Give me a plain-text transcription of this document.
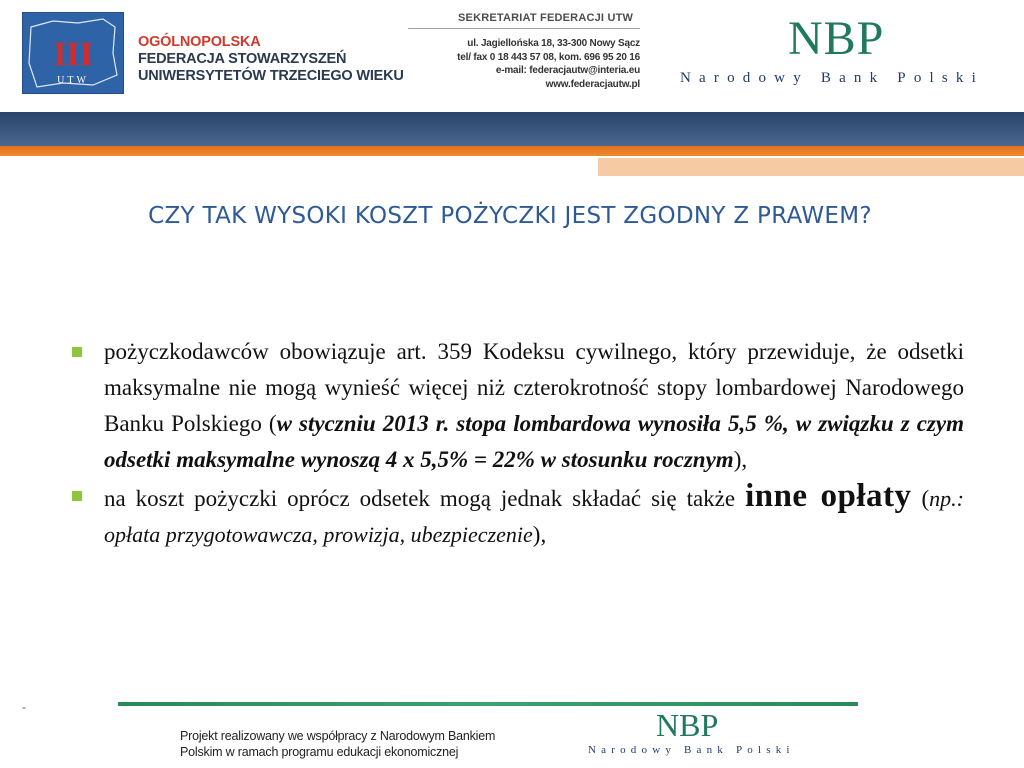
III
UTW
OGÓLNOPOLSKA
FEDERACJA STOWARZYSZEŃ
UNIWERSYTETÓW TRZECIEGO WIEKU
SEKRETARIAT FEDERACJI UTW
ul. Jagiellońska 18, 33-300 Nowy Sącz
tel/ fax 0 18 443 57 08, kom. 696 95 20 16
e-mail: federacjautw@interia.eu
www.federacjautw.pl
NBP
Narodowy Bank Polski
CZY TAK WYSOKI KOSZT POŻYCZKI JEST ZGODNY Z PRAWEM?
pożyczkodawców obowiązuje art. 359 Kodeksu cywilnego, który przewiduje, że odsetki maksymalne nie mogą wynieść więcej niż czterokrotność stopy lombardowej Narodowego Banku Polskiego (w styczniu 2013 r. stopa lombardowa wynosiła 5,5 %, w związku z czym odsetki maksymalne wynoszą 4 x 5,5% = 22% w stosunku rocznym),
na koszt pożyczki oprócz odsetek mogą jednak składać się także inne opłaty (np.: opłata przygotowawcza, prowizja, ubezpieczenie),
-
Projekt realizowany we współpracy z Narodowym Bankiem
Polskim w ramach programu edukacji ekonomicznej
NBP
Narodowy Bank Polski
